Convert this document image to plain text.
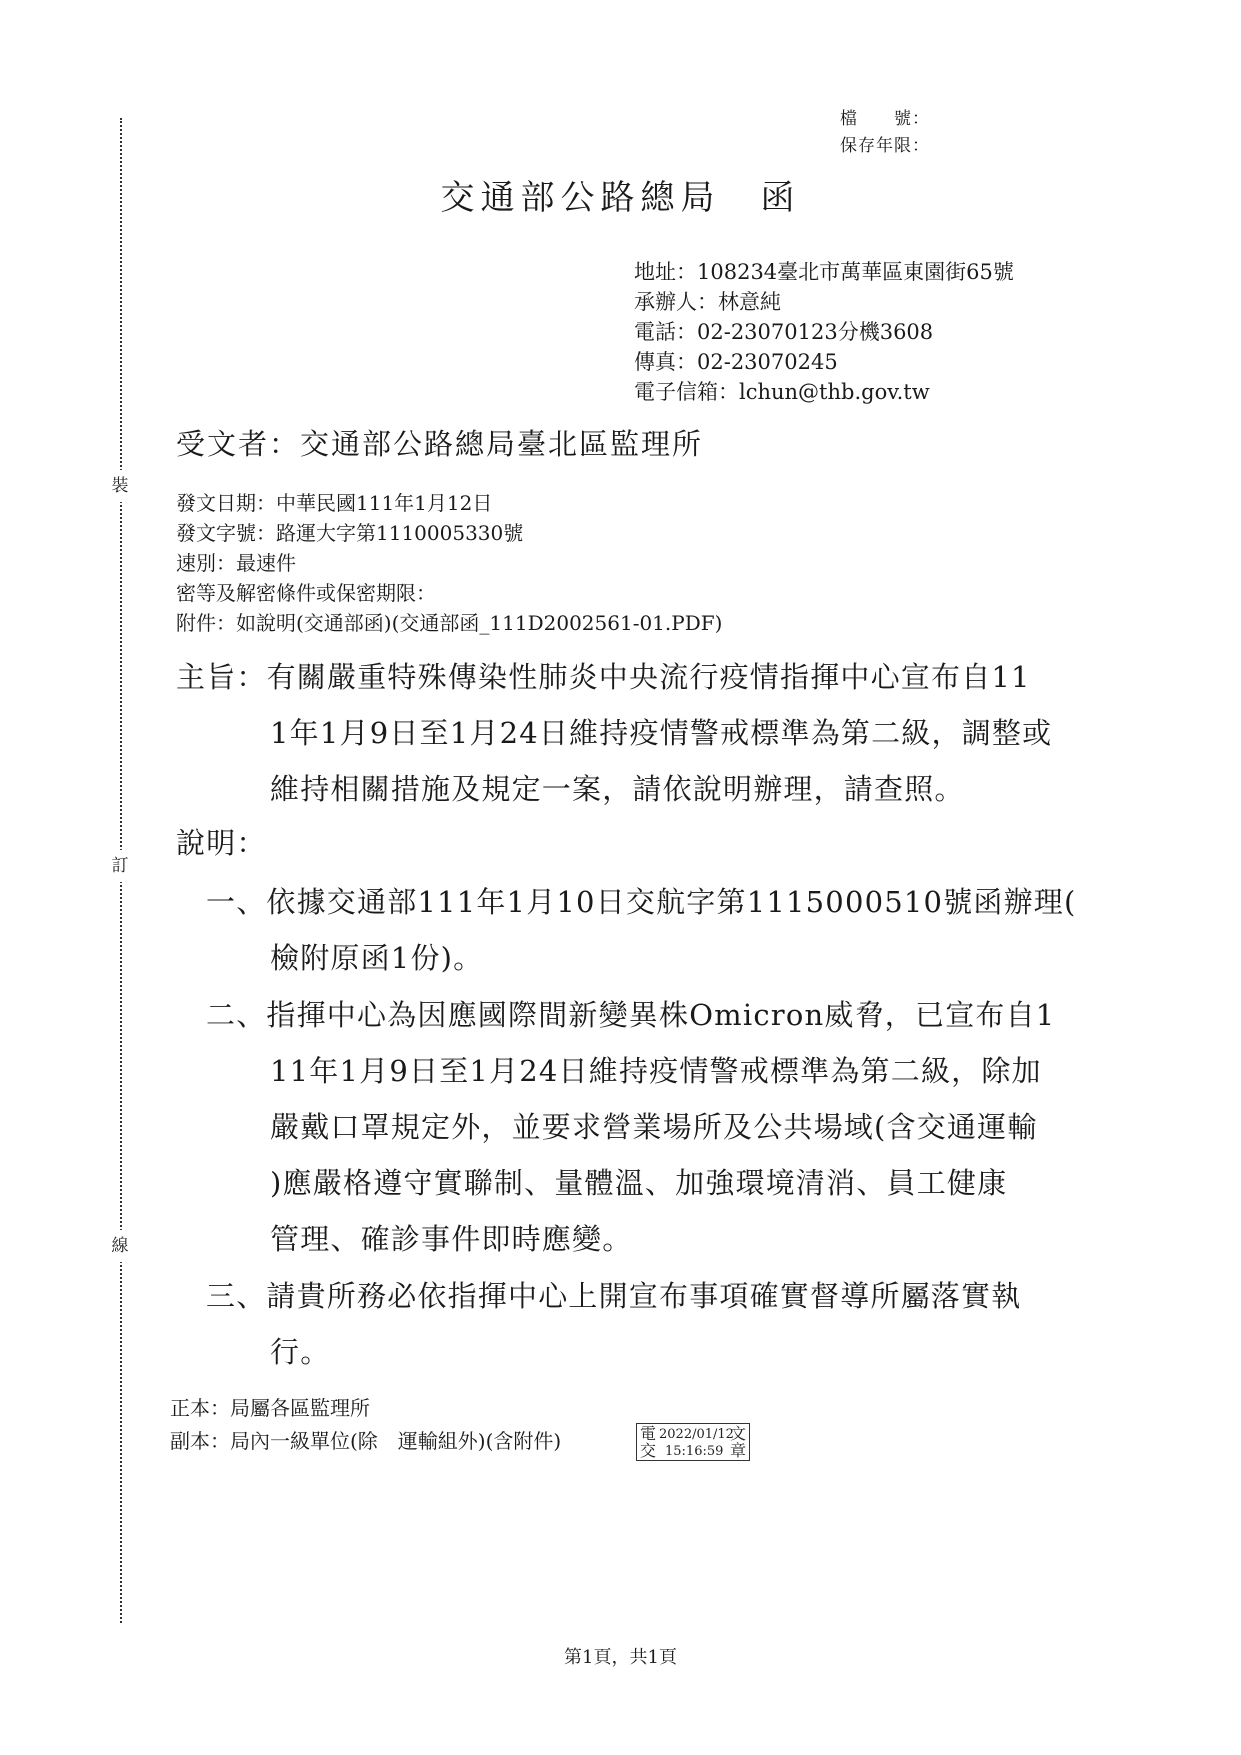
裝
訂
線
檔　　號：
保存年限：
交通部公路總局　函
地址：108234臺北市萬華區東園街65號
承辦人：林意純
電話：02-23070123分機3608
傳真：02-23070245
電子信箱：lchun@thb.gov.tw
受文者：交通部公路總局臺北區監理所
發文日期：中華民國111年1月12日
發文字號：路運大字第1110005330號
速別：最速件
密等及解密條件或保密期限：
附件：如說明(交通部函)(交通部函_111D2002561-01.PDF)
主旨：有關嚴重特殊傳染性肺炎中央流行疫情指揮中心宣布自11
1年1月9日至1月24日維持疫情警戒標準為第二級，調整或
維持相關措施及規定一案，請依說明辦理，請查照。
說明：
一、依據交通部111年1月10日交航字第1115000510號函辦理(
檢附原函1份)。
二、指揮中心為因應國際間新變異株Omicron威脅，已宣布自1
11年1月9日至1月24日維持疫情警戒標準為第二級，除加
嚴戴口罩規定外，並要求營業場所及公共場域(含交通運輸
)應嚴格遵守實聯制、量體溫、加強環境清消、員工健康
管理、確診事件即時應變。
三、請貴所務必依指揮中心上開宣布事項確實督導所屬落實執
行。
正本：局屬各區監理所
副本：局內一級單位(除　運輸組外)(含附件)	電
交
文
章
2022/01/12
15:16:59
第1頁，共1頁
